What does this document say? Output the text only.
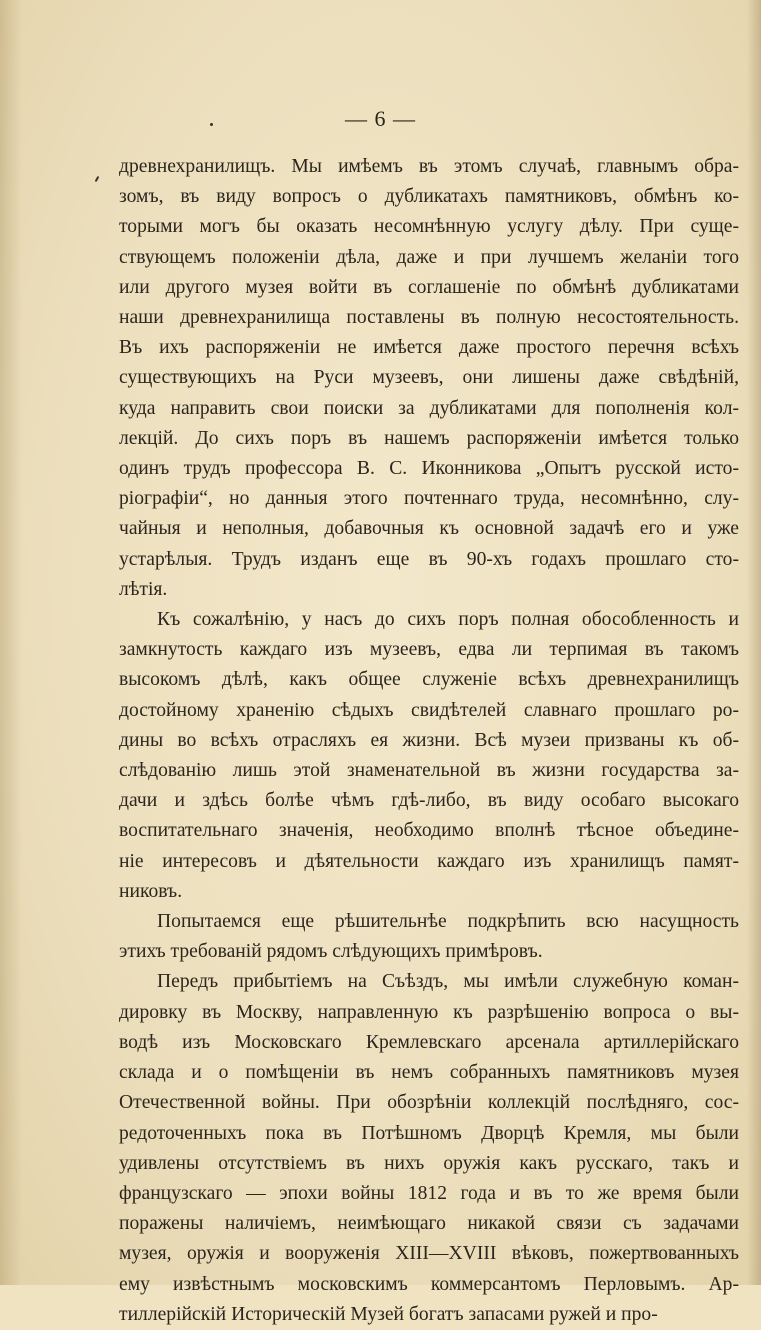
— 6 —
древнехранилищъ. Мы имѣемъ въ этомъ случаѣ, главнымъ обра-
зомъ, въ виду вопросъ о дубликатахъ памятниковъ, обмѣнъ ко-
торыми могъ бы оказать несомнѣнную услугу дѣлу. При суще-
ствующемъ положеніи дѣла, даже и при лучшемъ желаніи того
или другого музея войти въ соглашеніе по обмѣнѣ дубликатами
наши древнехранилища поставлены въ полную несостоятельность.
Въ ихъ распоряженіи не имѣется даже простого перечня всѣхъ
существующихъ на Руси музеевъ, они лишены даже свѣдѣній,
куда направить свои поиски за дубликатами для пополненія кол-
лекцій. До сихъ поръ въ нашемъ распоряженіи имѣется только
одинъ трудъ профессора В. С. Иконникова „Опытъ русской исто-
ріографіи“, но данныя этого почтеннаго труда, несомнѣнно, слу-
чайныя и неполныя, добавочныя къ основной задачѣ его и уже
устарѣлыя. Трудъ изданъ еще въ 90-хъ годахъ прошлаго сто-
лѣтія.
Къ сожалѣнію, у насъ до сихъ поръ полная обособленность и
замкнутость каждаго изъ музеевъ, едва ли терпимая въ такомъ
высокомъ дѣлѣ, какъ общее служеніе всѣхъ древнехранилищъ
достойному храненію сѣдыхъ свидѣтелей славнаго прошлаго ро-
дины во всѣхъ отрасляхъ ея жизни. Всѣ музеи призваны къ об-
слѣдованію лишь этой знаменательной въ жизни государства за-
дачи и здѣсь болѣе чѣмъ гдѣ-либо, въ виду особаго высокаго
воспитательнаго значенія, необходимо вполнѣ тѣсное объедине-
ніе интересовъ и дѣятельности каждаго изъ хранилищъ памят-
никовъ.
Попытаемся еще рѣшительнѣе подкрѣпить всю насущность
этихъ требованій рядомъ слѣдующихъ примѣровъ.
Передъ прибытіемъ на Съѣздъ, мы имѣли служебную коман-
дировку въ Москву, направленную къ разрѣшенію вопроса о вы-
водѣ изъ Московскаго Кремлевскаго арсенала артиллерійскаго
склада и о помѣщеніи въ немъ собранныхъ памятниковъ музея
Отечественной войны. При обозрѣніи коллекцій послѣдняго, сос-
редоточенныхъ пока въ Потѣшномъ Дворцѣ Кремля, мы были
удивлены отсутствіемъ въ нихъ оружія какъ русскаго, такъ и
французскаго — эпохи войны 1812 года и въ то же время были
поражены наличіемъ, неимѣющаго никакой связи съ задачами
музея, оружія и вооруженія XIII—XVIII вѣковъ, пожертвованныхъ
ему извѣстнымъ московскимъ коммерсантомъ Перловымъ. Ар-
тиллерійскій Историческій Музей богатъ запасами ружей и про-
